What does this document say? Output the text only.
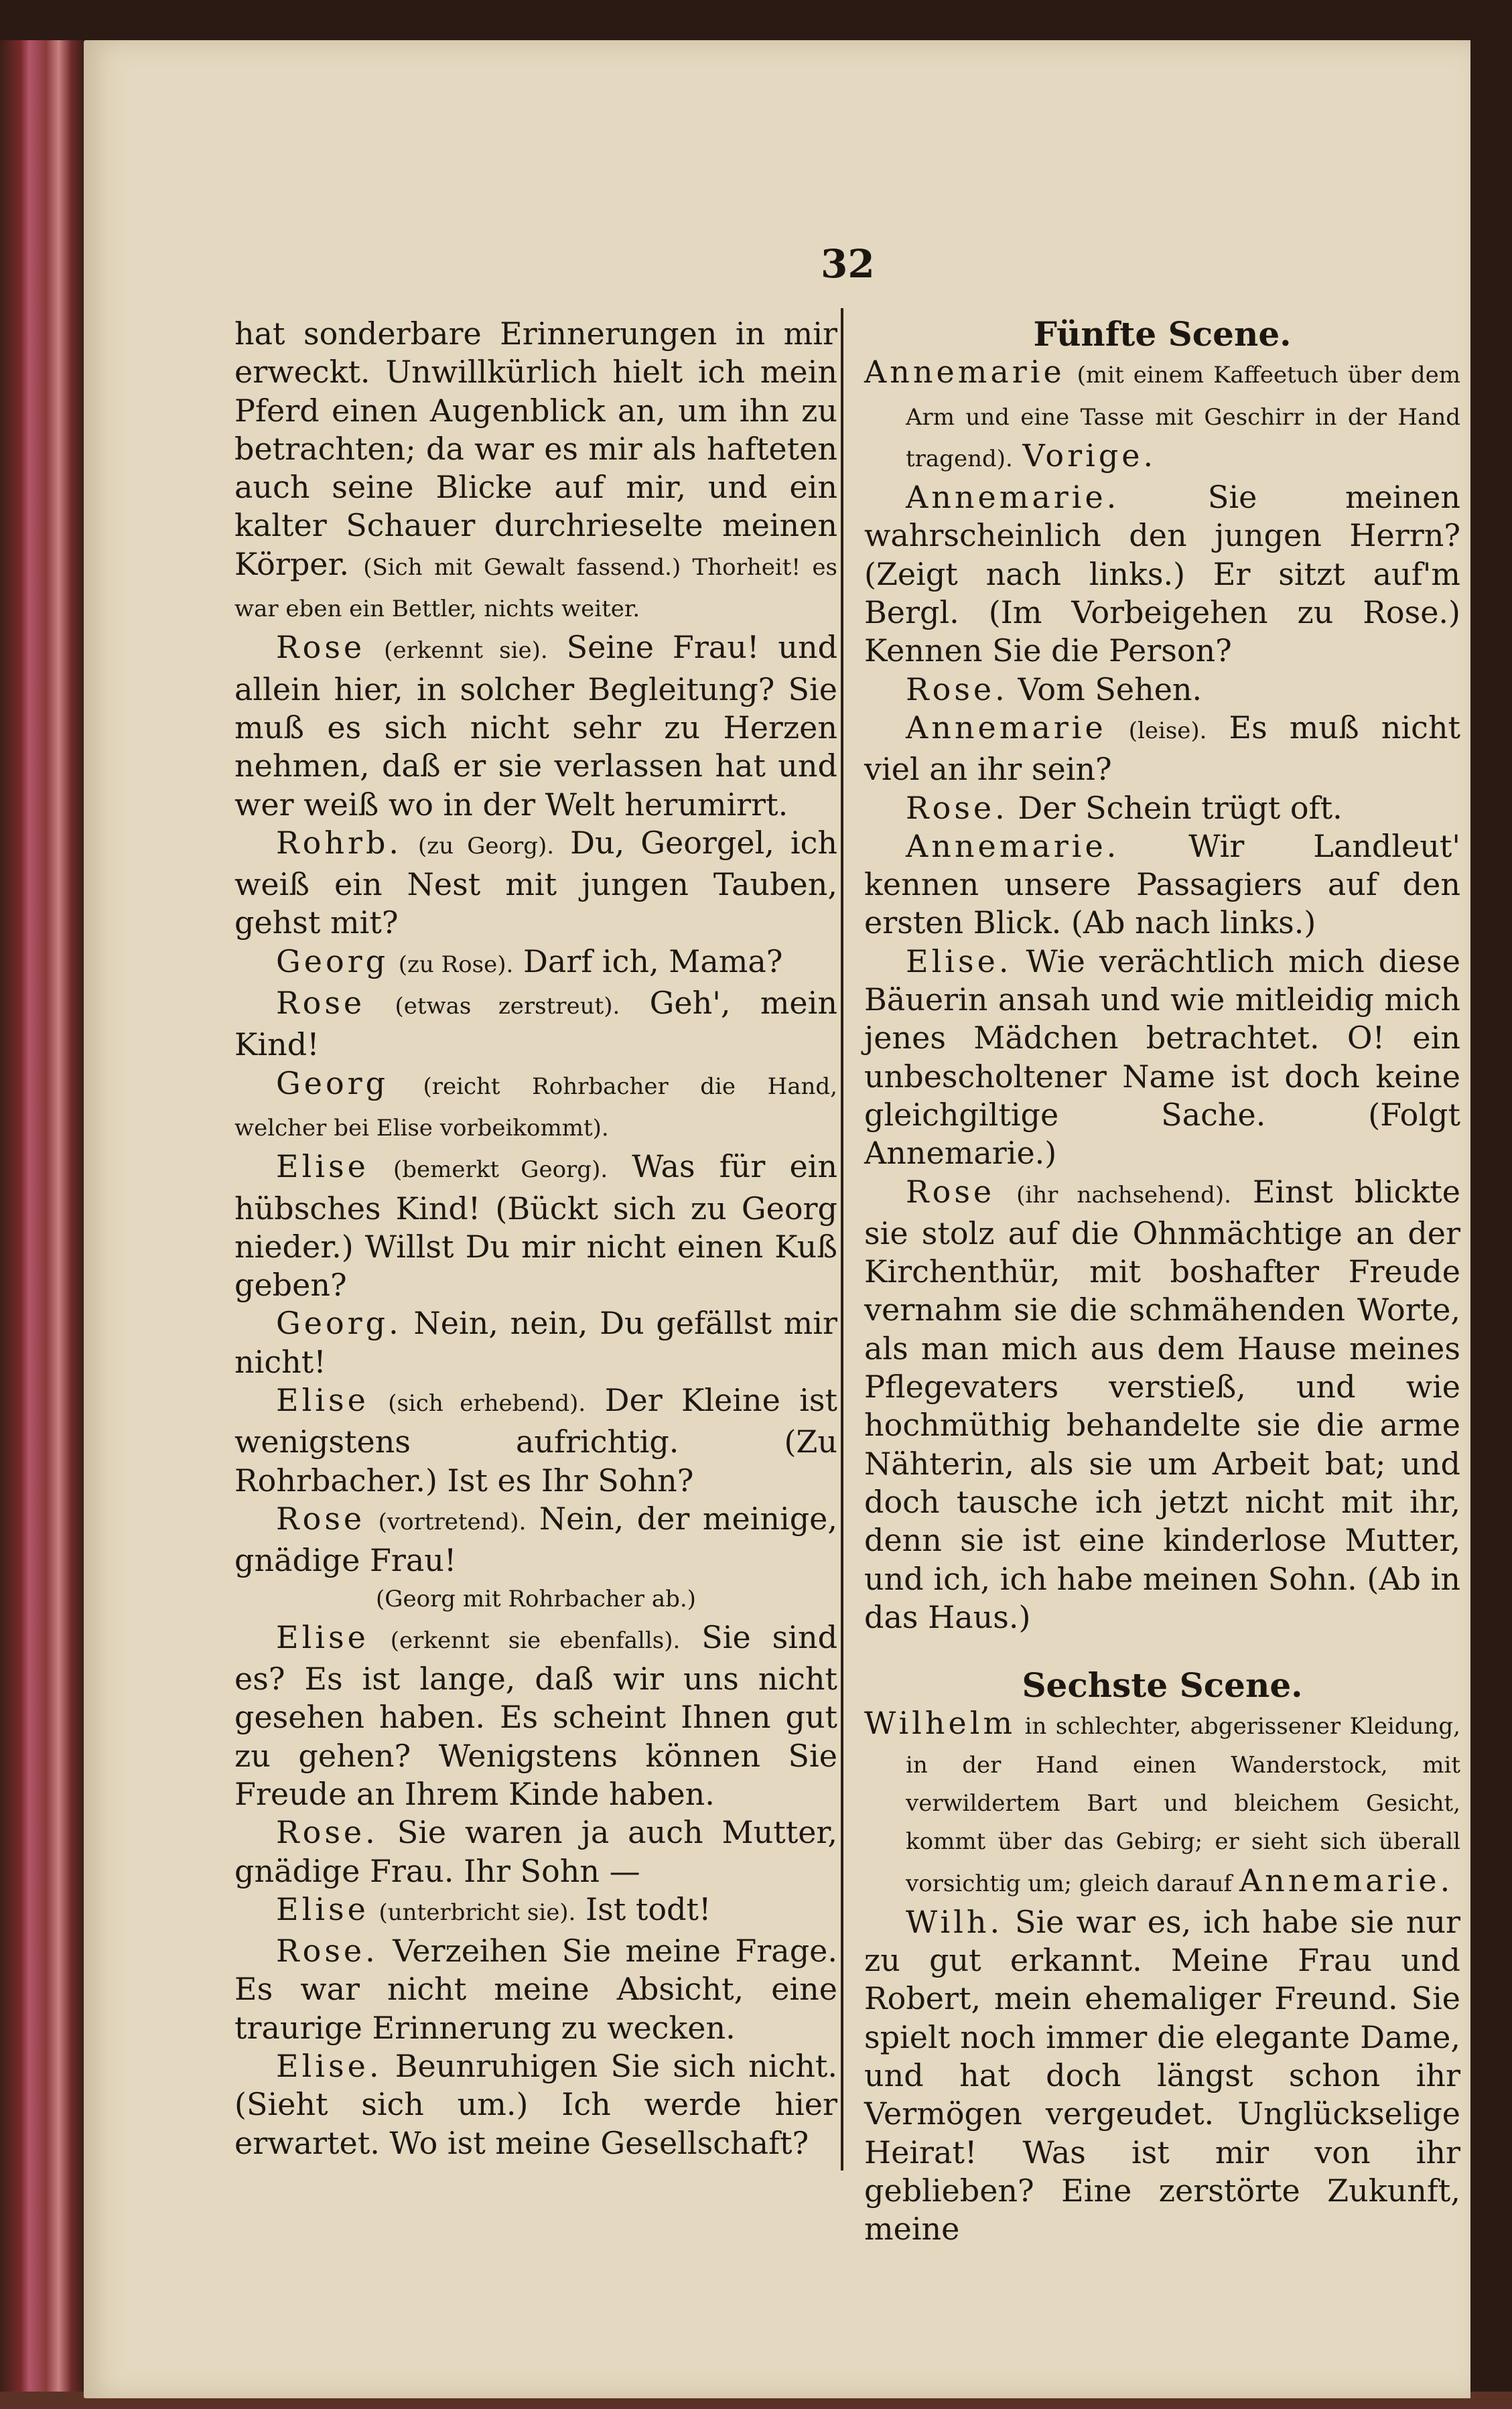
32

hat sonderbare Erinnerungen in mir erweckt. Unwillkürlich hielt ich mein Pferd einen Augenblick an, um ihn zu betrachten; da war es mir als hafteten auch seine Blicke auf mir, und ein kalter Schauer durchrieselte meinen Körper. (Sich mit Gewalt fassend.) Thorheit! es war eben ein Bettler, nichts weiter.

Rose (erkennt sie). Seine Frau! und allein hier, in solcher Begleitung? Sie muß es sich nicht sehr zu Herzen nehmen, daß er sie verlassen hat und wer weiß wo in der Welt herumirrt.

Rohrb. (zu Georg). Du, Georgel, ich weiß ein Nest mit jungen Tauben, gehst mit?

Georg (zu Rose). Darf ich, Mama?

Rose (etwas zerstreut). Geh', mein Kind!

Georg (reicht Rohrbacher die Hand, welcher bei Elise vorbeikommt).

Elise (bemerkt Georg). Was für ein hübsches Kind! (Bückt sich zu Georg nieder.) Willst Du mir nicht einen Kuß geben?

Georg. Nein, nein, Du gefällst mir nicht!

Elise (sich erhebend). Der Kleine ist wenigstens aufrichtig. (Zu Rohrbacher.) Ist es Ihr Sohn?

Rose (vortretend). Nein, der meinige, gnädige Frau!

(Georg mit Rohrbacher ab.)

Elise (erkennt sie ebenfalls). Sie sind es? Es ist lange, daß wir uns nicht gesehen haben. Es scheint Ihnen gut zu gehen? Wenigstens können Sie Freude an Ihrem Kinde haben.

Rose. Sie waren ja auch Mutter, gnädige Frau. Ihr Sohn —

Elise (unterbricht sie). Ist todt!

Rose. Verzeihen Sie meine Frage. Es war nicht meine Absicht, eine traurige Erinnerung zu wecken.

Elise. Beunruhigen Sie sich nicht. (Sieht sich um.) Ich werde hier erwartet. Wo ist meine Gesellschaft?

Fünfte Scene.

Annemarie (mit einem Kaffeetuch über dem Arm und eine Tasse mit Geschirr in der Hand tragend). Vorige.

Annemarie.	Sie meinen wahrscheinlich den jungen Herrn? (Zeigt nach links.) Er sitzt auf'm Bergl. (Im Vorbeigehen zu Rose.) Kennen Sie die Person?

Rose. Vom Sehen.

Annemarie (leise). Es muß nicht viel an ihr sein?

Rose. Der Schein trügt oft.

Annemarie. Wir Landleut' kennen unsere Passagiers auf den ersten Blick. (Ab nach links.)

Elise. Wie verächtlich mich diese Bäuerin ansah und wie mitleidig mich jenes Mädchen betrachtet. O! ein unbescholtener Name ist doch keine gleichgiltige Sache. (Folgt Annemarie.)

Rose (ihr nachsehend). Einst blickte sie stolz auf die Ohnmächtige an der Kirchenthür, mit boshafter Freude vernahm sie die schmähenden Worte, als man mich aus dem Hause meines Pflegevaters verstieß, und wie hochmüthig behandelte sie die arme Nähterin, als sie um Arbeit bat; und doch tausche ich jetzt nicht mit ihr, denn sie ist eine kinderlose Mutter, und ich, ich habe meinen Sohn. (Ab in das Haus.)

Sechste Scene.

Wilhelm in schlechter, abgerissener Kleidung, in der Hand einen Wanderstock, mit verwildertem Bart und bleichem Gesicht, kommt über das Gebirg; er sieht sich überall vorsichtig um; gleich darauf Annemarie.

Wilh. Sie war es, ich habe sie nur zu gut erkannt. Meine Frau und Robert, mein ehemaliger Freund. Sie spielt noch immer die elegante Dame, und hat doch längst schon ihr Vermögen vergeudet. Unglückselige Heirat! Was ist mir von ihr geblieben? Eine zerstörte Zukunft, meine
